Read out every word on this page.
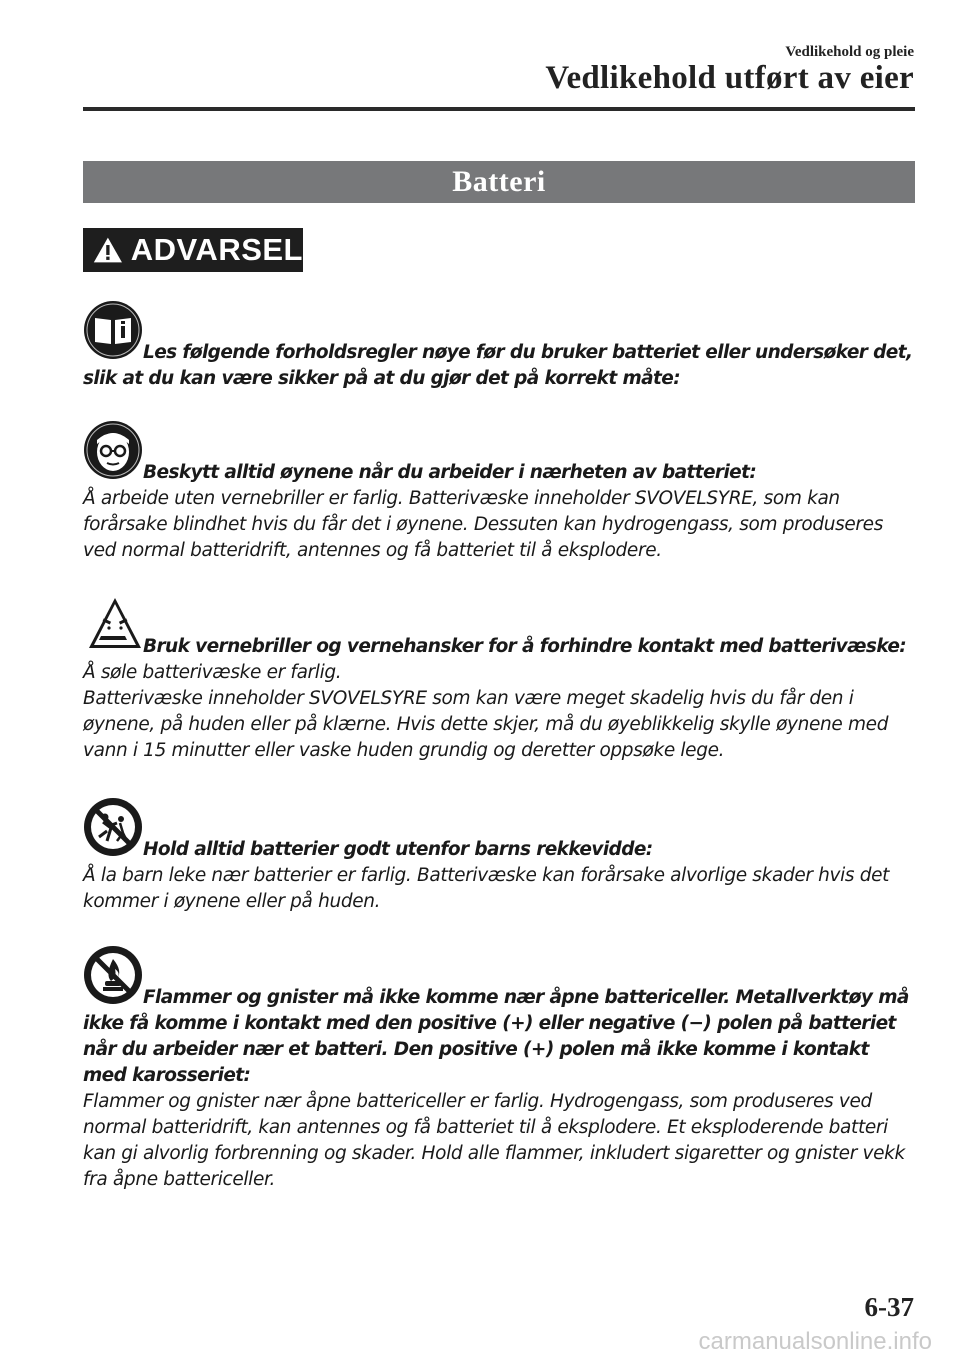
Vedlikehold og pleie
Vedlikehold utført av eier
Batteri
ADVARSEL

Les følgende forholdsregler nøye før du bruker batteriet eller undersøker det, slik at du kan være sikker på at du gjør det på korrekt måte:

Beskytt alltid øynene når du arbeider i nærheten av batteriet:

Å arbeide uten vernebriller er farlig. Batterivæske inneholder SVOVELSYRE, som kan forårsake blindhet hvis du får det i øynene. Dessuten kan hydrogengass, som produseres ved normal batteridrift, antennes og få batteriet til å eksplodere.

Bruk vernebriller og vernehansker for å forhindre kontakt med batterivæske:

Å søle batterivæske er farlig.
Batterivæske inneholder SVOVELSYRE som kan være meget skadelig hvis du får den i øynene, på huden eller på klærne. Hvis dette skjer, må du øyeblikkelig skylle øynene med vann i 15 minutter eller vaske huden grundig og deretter oppsøke lege.

Hold alltid batterier godt utenfor barns rekkevidde:

Å la barn leke nær batterier er farlig. Batterivæske kan forårsake alvorlige skader hvis det kommer i øynene eller på huden.

Flammer og gnister må ikke komme nær åpne battericeller. Metallverktøy må ikke få komme i kontakt med den positive (+) eller negative (−) polen på batteriet når du arbeider nær et batteri. Den positive (+) polen må ikke komme i kontakt med karosseriet:

Flammer og gnister nær åpne battericeller er farlig. Hydrogengass, som produseres ved normal batteridrift, kan antennes og få batteriet til å eksplodere. Et eksploderende batteri kan gi alvorlig forbrenning og skader. Hold alle flammer, inkludert sigaretter og gnister vekk fra åpne battericeller.

6-37
carmanualsonline.info
